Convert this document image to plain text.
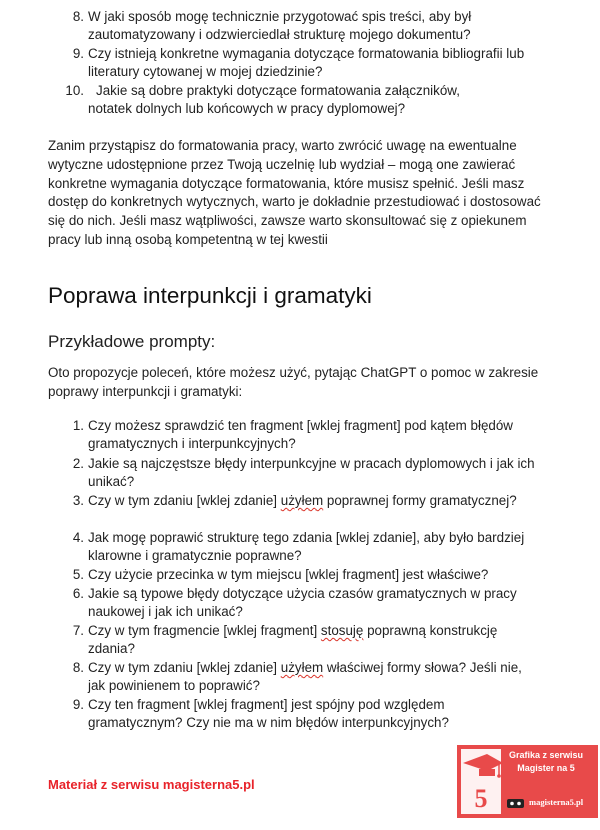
8. W jaki sposób mogę technicznie przygotować spis treści, aby był zautomatyzowany i odzwierciedlał strukturę mojego dokumentu?
9. Czy istnieją konkretne wymagania dotyczące formatowania bibliografii lub literatury cytowanej w mojej dziedzinie?
10. Jakie są dobre praktyki dotyczące formatowania załączników,
notatek dolnych lub końcowych w pracy dyplomowej?

Zanim przystąpisz do formatowania pracy, warto zwrócić uwagę na ewentualne wytyczne udostępnione przez Twoją uczelnię lub wydział – mogą one zawierać konkretne wymagania dotyczące formatowania, które musisz spełnić. Jeśli masz dostęp do konkretnych wytycznych, warto je dokładnie przestudiować i dostosować się do nich. Jeśli masz wątpliwości, zawsze warto skonsultować się z opiekunem pracy lub inną osobą kompetentną w tej kwestii

Poprawa interpunkcji i gramatyki
Przykładowe prompty:

Oto propozycje poleceń, które możesz użyć, pytając ChatGPT o pomoc w zakresie poprawy interpunkcji i gramatyki:

1. Czy możesz sprawdzić ten fragment [wklej fragment] pod kątem błędów gramatycznych i interpunkcyjnych?
2. Jakie są najczęstsze błędy interpunkcyjne w pracach dyplomowych i jak ich unikać?
3. Czy w tym zdaniu [wklej zdanie] użyłem poprawnej formy gramatycznej?
4. Jak mogę poprawić strukturę tego zdania [wklej zdanie], aby było bardziej klarowne i gramatycznie poprawne?
5. Czy użycie przecinka w tym miejscu [wklej fragment] jest właściwe?
6. Jakie są typowe błędy dotyczące użycia czasów gramatycznych w pracy naukowej i jak ich unikać?
7. Czy w tym fragmencie [wklej fragment] stosuję poprawną konstrukcję zdania?
8. Czy w tym zdaniu [wklej zdanie] użyłem właściwej formy słowa? Jeśli nie, jak powinienem to poprawić?
9. Czy ten fragment [wklej fragment] jest spójny pod względem gramatycznym? Czy nie ma w nim błędów interpunkcyjnych?
Materiał z serwisu magisterna5.pl	5
Grafika z serwisu
Magister na 5
magisterna5.pl
